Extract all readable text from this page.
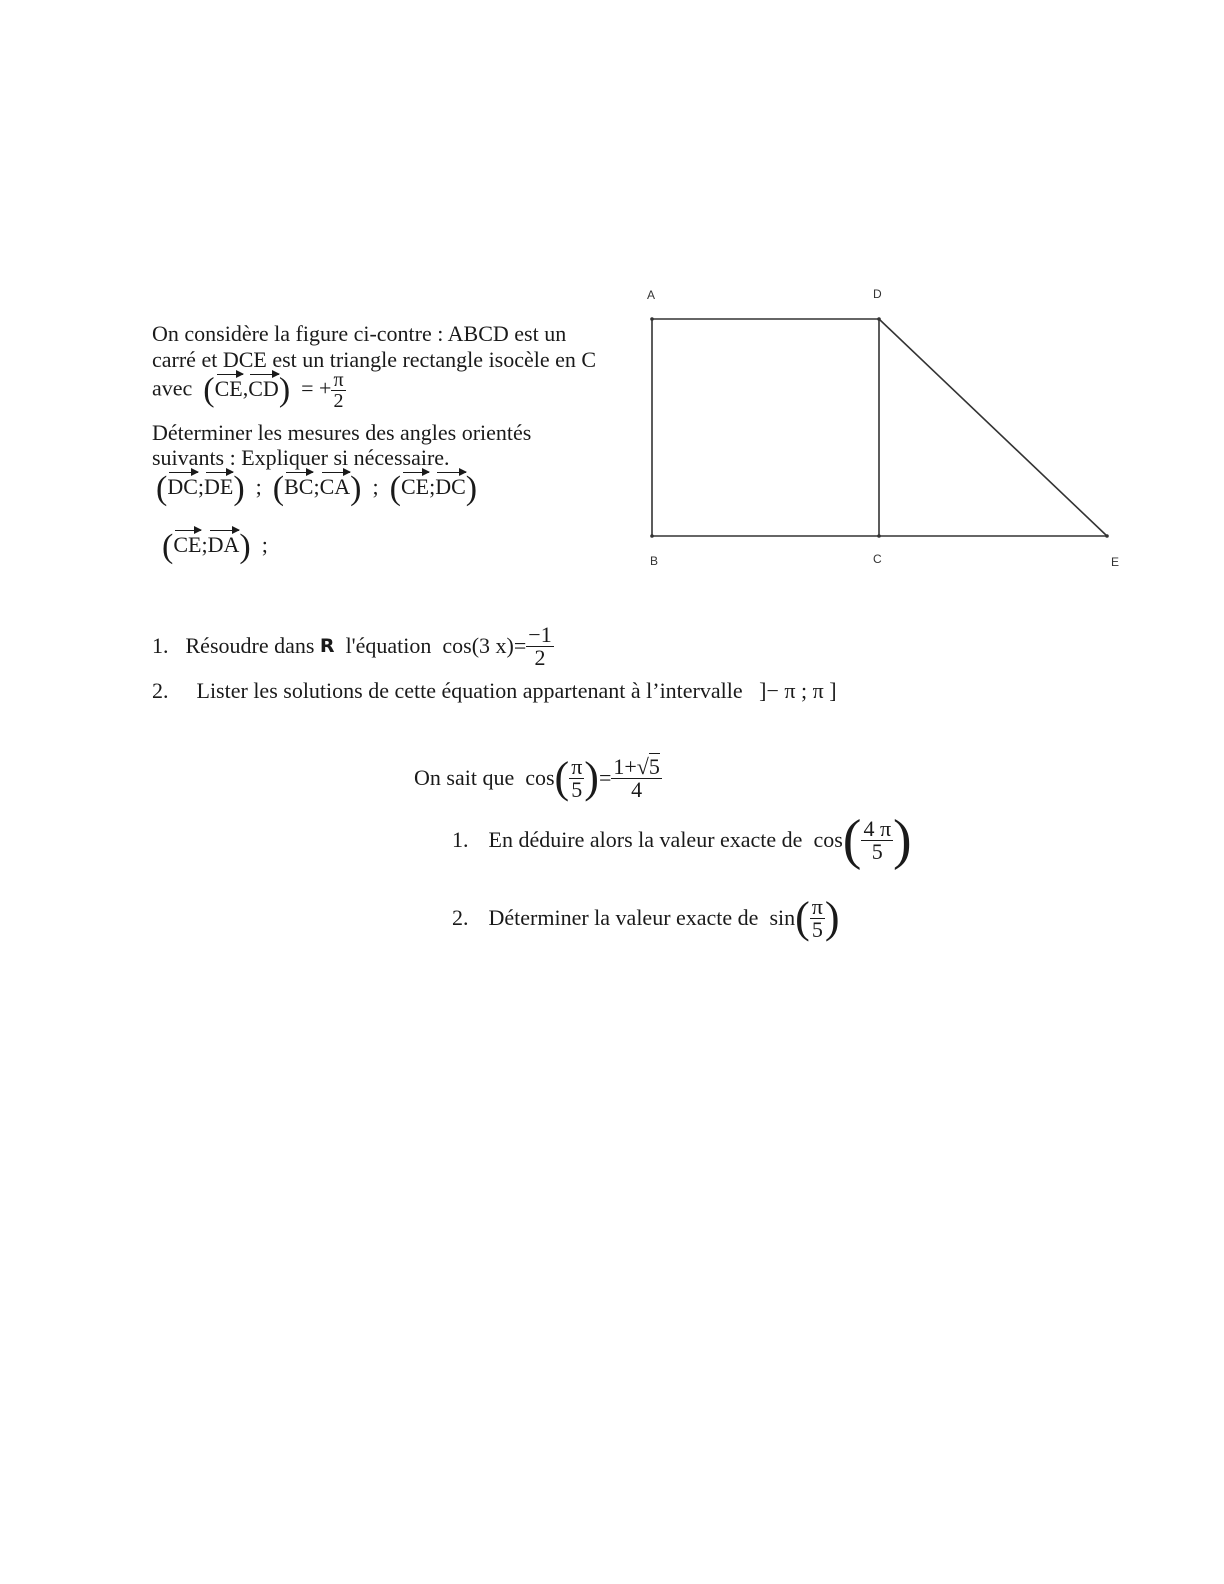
On considère la figure ci-contre : ABCD est un
carré et DCE est un triangle rectangle isocèle en C
avec (CE,CD) = + $\frac{\pi}{2}$
Déterminer les mesures des angles orientés
suivants : Expliquer si nécessaire.
(DC;DE) ; (BC;CA) ; (CE;DC)
(CE;DA) ;
A	D
B	C	E
1. Résoudre dans
R
l'équation
cos(3 $x)= \frac{-1}{2}$
2. Lister les solutions de cette équation appartenant à l’intervalle ]− π ; π ]
On sait que
cos ( $\frac{\pi}{5}$ ) = $\frac{1+√5}{4}$
1. En déduire alors la valeur exacte de
cos ( $\frac{4 \pi}{5}$ )
2. Déterminer la valeur exacte de
sin ( $\frac{\pi}{5}$ )
